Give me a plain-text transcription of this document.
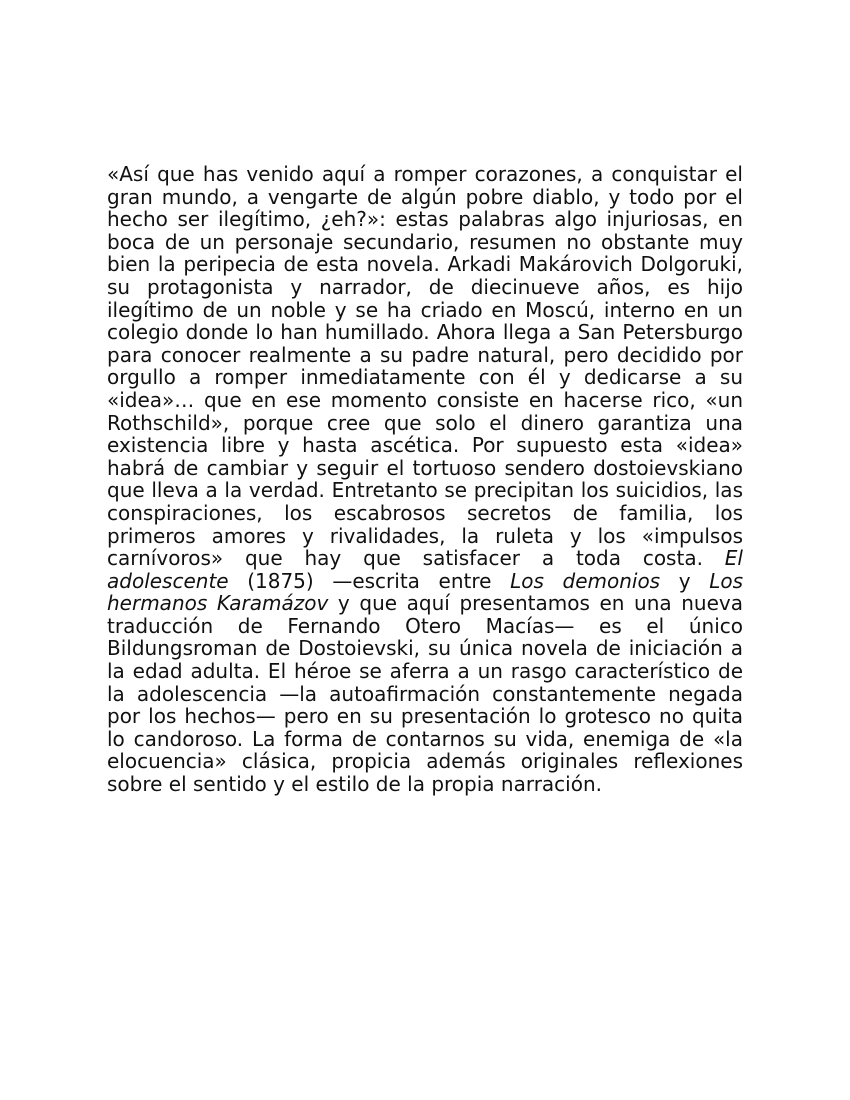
«Así que has venido aquí a romper corazones, a conquistar el gran mundo, a vengarte de algún pobre diablo, y todo por el hecho ser ilegítimo, ¿eh?»: estas palabras algo injuriosas, en boca de un personaje secundario, resumen no obstante muy bien la peripecia de esta novela. Arkadi Makárovich Dolgoruki, su protagonista y narrador, de diecinueve años, es hijo ilegítimo de un noble y se ha criado en Moscú, interno en un colegio donde lo han humillado. Ahora llega a San Petersburgo para conocer realmente a su padre natural, pero decidido por orgullo a romper inmediatamente con él y dedicarse a su «idea»… que en ese momento consiste en hacerse rico, «un Rothschild», porque cree que solo el dinero garantiza una existencia libre y hasta ascética. Por supuesto esta «idea» habrá de cambiar y seguir el tortuoso sendero dostoievskiano que lleva a la verdad. Entretanto se precipitan los suicidios, las conspiraciones, los escabrosos secretos de familia, los primeros amores y rivalidades, la ruleta y los «impulsos carnívoros» que hay que satisfacer a toda costa. El adolescente (1875) —escrita entre Los demonios y Los hermanos Karamázov y que aquí presentamos en una nueva traducción de Fernando Otero Macías— es el único Bildungsroman de Dostoievski, su única novela de iniciación a la edad adulta. El héroe se aferra a un rasgo característico de la adolescencia —la autoafirmación constantemente negada por los hechos— pero en su presentación lo grotesco no quita lo candoroso. La forma de contarnos su vida, enemiga de «la elocuencia» clásica, propicia además originales reflexiones sobre el sentido y el estilo de la propia narración.
